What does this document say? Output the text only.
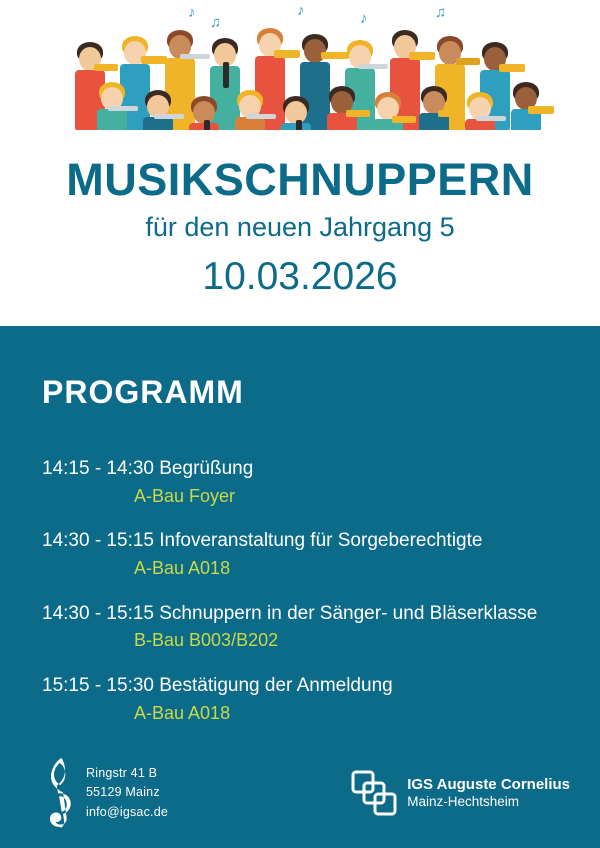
♪
♫
♪	♪	♫
MUSIKSCHNUPPERN
für den neuen Jahrgang 5
10.03.2026
PROGRAMM
14:15 - 14:30 Begrüßung
A-Bau Foyer
14:30 - 15:15 Infoveranstaltung für Sorgeberechtigte
A-Bau A018
14:30 - 15:15 Schnuppern in der Sänger- und Bläserklasse
B-Bau B003/B202
15:15 - 15:30 Bestätigung der Anmeldung
A-Bau A018
Ringstr 41 B
55129 Mainz
info@igsac.de
IGS Auguste Cornelius
Mainz-Hechtsheim
